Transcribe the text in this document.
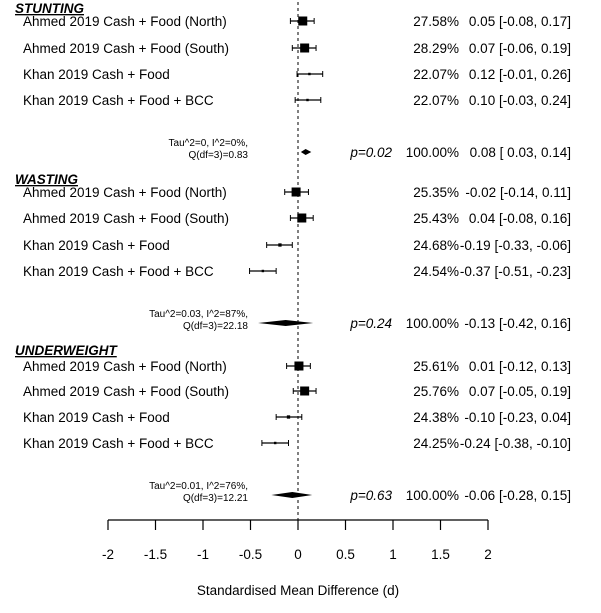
STUNTING
Ahmed 2019 Cash + Food (North)	27.58% 0.05 [-0.08, 0.17]
Ahmed 2019 Cash + Food (South)	28.29% 0.07 [-0.06, 0.19]
Khan 2019 Cash + Food	22.07% 0.12 [-0.01, 0.26]
Khan 2019 Cash + Food + BCC	22.07% 0.10 [-0.03, 0.24]
Tau^2=0, I^2=0%,
Q(df=3)=0.83	p=0.02 100.00% 0.08 [ 0.03, 0.14]
WASTING
Ahmed 2019 Cash + Food (North)	25.35% -0.02 [-0.14, 0.11]
Ahmed 2019 Cash + Food (South)	25.43% 0.04 [-0.08, 0.16]
Khan 2019 Cash + Food	24.68% -0.19 [-0.33, -0.06]
Khan 2019 Cash + Food + BCC	24.54% -0.37 [-0.51, -0.23]
Tau^2=0.03, I^2=87%,
Q(df=3)=22.18	p=0.24 100.00% -0.13 [-0.42, 0.16]
UNDERWEIGHT
Ahmed 2019 Cash + Food (North)	25.61% 0.01 [-0.12, 0.13]
Ahmed 2019 Cash + Food (South)	25.76% 0.07 [-0.05, 0.19]
Khan 2019 Cash + Food	24.38% -0.10 [-0.23, 0.04]
Khan 2019 Cash + Food + BCC	24.25% -0.24 [-0.38, -0.10]
Tau^2=0.01, I^2=76%,
Q(df=3)=12.21	p=0.63 100.00% -0.06 [-0.28, 0.15]
-2 -1.5 -1 -0.5 0	0.5	1	1.5	2
Standardised Mean Difference (d)
